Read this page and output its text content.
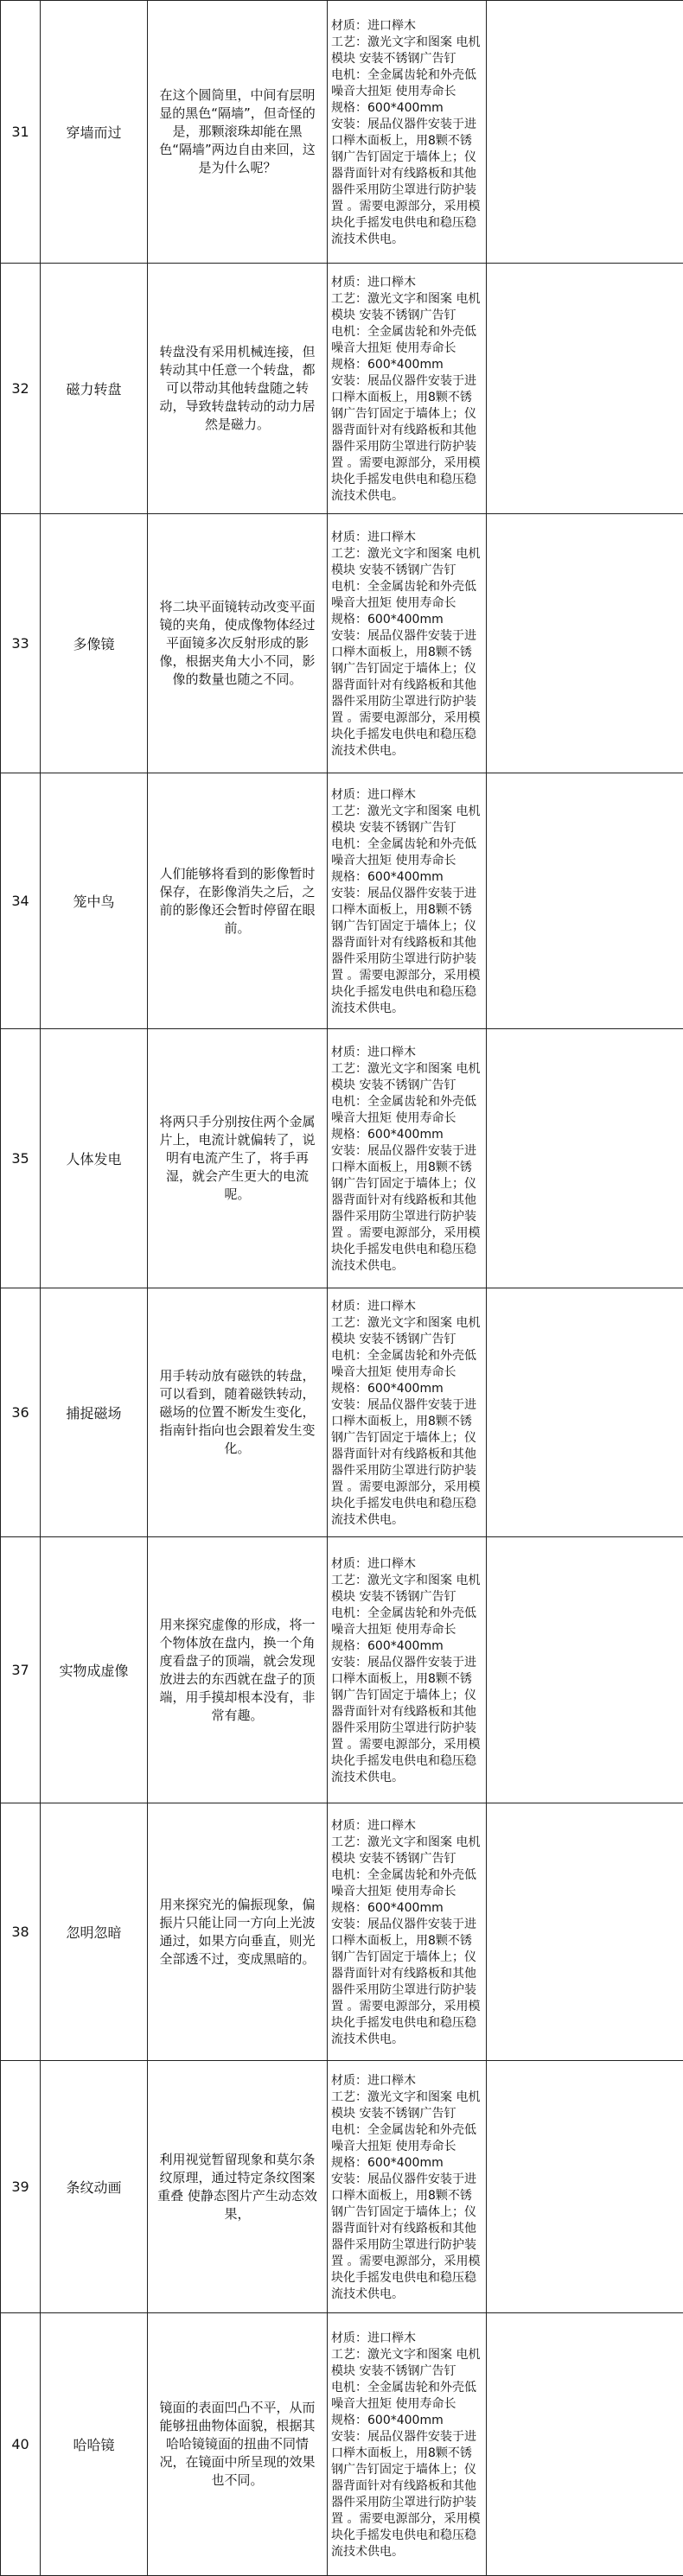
31	穿墙而过	在这个圆筒里，中间有层明显的黑色“隔墙”，但奇怪的是，那颗滚珠却能在黑色“隔墙”两边自由来回，这是为什么呢？	材质：进口榉木
工艺：激光文字和图案 电机模块 安装不锈钢广告钉
电机：全金属齿轮和外壳低噪音大扭矩 使用寿命长
规格：600*400mm
安装：展品仪器件安装于进口榉木面板上，用8颗不锈钢广告钉固定于墙体上；仪器背面针对有线路板和其他器件采用防尘罩进行防护装置 。需要电源部分，采用模块化手摇发电供电和稳压稳流技术供电。

32	磁力转盘	转盘没有采用机械连接，但转动其中任意一个转盘，都可以带动其他转盘随之转动，导致转盘转动的动力居然是磁力。	材质：进口榉木
工艺：激光文字和图案 电机模块 安装不锈钢广告钉
电机：全金属齿轮和外壳低噪音大扭矩 使用寿命长
规格：600*400mm
安装：展品仪器件安装于进口榉木面板上，用8颗不锈钢广告钉固定于墙体上；仪器背面针对有线路板和其他器件采用防尘罩进行防护装置 。需要电源部分，采用模块化手摇发电供电和稳压稳流技术供电。

33	多像镜	将二块平面镜转动改变平面镜的夹角，使成像物体经过平面镜多次反射形成的影像，根据夹角大小不同，影像的数量也随之不同。	材质：进口榉木
工艺：激光文字和图案 电机模块 安装不锈钢广告钉
电机：全金属齿轮和外壳低噪音大扭矩 使用寿命长
规格：600*400mm
安装：展品仪器件安装于进口榉木面板上，用8颗不锈钢广告钉固定于墙体上；仪器背面针对有线路板和其他器件采用防尘罩进行防护装置 。需要电源部分，采用模块化手摇发电供电和稳压稳流技术供电。

34	笼中鸟	人们能够将看到的影像暂时保存，在影像消失之后，之前的影像还会暂时停留在眼前。	材质：进口榉木
工艺：激光文字和图案 电机模块 安装不锈钢广告钉
电机：全金属齿轮和外壳低噪音大扭矩 使用寿命长
规格：600*400mm
安装：展品仪器件安装于进口榉木面板上，用8颗不锈钢广告钉固定于墙体上；仪器背面针对有线路板和其他器件采用防尘罩进行防护装置 。需要电源部分，采用模块化手摇发电供电和稳压稳流技术供电。

35	人体发电	将两只手分别按住两个金属片上，电流计就偏转了，说明有电流产生了，将手再湿，就会产生更大的电流呢。	材质：进口榉木
工艺：激光文字和图案 电机模块 安装不锈钢广告钉
电机：全金属齿轮和外壳低噪音大扭矩 使用寿命长
规格：600*400mm
安装：展品仪器件安装于进口榉木面板上，用8颗不锈钢广告钉固定于墙体上；仪器背面针对有线路板和其他器件采用防尘罩进行防护装置 。需要电源部分，采用模块化手摇发电供电和稳压稳流技术供电。

36	捕捉磁场	用手转动放有磁铁的转盘，可以看到，随着磁铁转动，磁场的位置不断发生变化，指南针指向也会跟着发生变化。	材质：进口榉木
工艺：激光文字和图案 电机模块 安装不锈钢广告钉
电机：全金属齿轮和外壳低噪音大扭矩 使用寿命长
规格：600*400mm
安装：展品仪器件安装于进口榉木面板上，用8颗不锈钢广告钉固定于墙体上；仪器背面针对有线路板和其他器件采用防尘罩进行防护装置 。需要电源部分，采用模块化手摇发电供电和稳压稳流技术供电。

37	实物成虚像	用来探究虚像的形成，将一个物体放在盘内，换一个角度看盘子的顶端，就会发现放进去的东西就在盘子的顶端，用手摸却根本没有，非常有趣。	材质：进口榉木
工艺：激光文字和图案 电机模块 安装不锈钢广告钉
电机：全金属齿轮和外壳低噪音大扭矩 使用寿命长
规格：600*400mm
安装：展品仪器件安装于进口榉木面板上，用8颗不锈钢广告钉固定于墙体上；仪器背面针对有线路板和其他器件采用防尘罩进行防护装置 。需要电源部分，采用模块化手摇发电供电和稳压稳流技术供电。

38	忽明忽暗	用来探究光的偏振现象，偏振片只能让同一方向上光波通过，如果方向垂直，则光全部透不过，变成黑暗的。	材质：进口榉木
工艺：激光文字和图案 电机模块 安装不锈钢广告钉
电机：全金属齿轮和外壳低噪音大扭矩 使用寿命长
规格：600*400mm
安装：展品仪器件安装于进口榉木面板上，用8颗不锈钢广告钉固定于墙体上；仪器背面针对有线路板和其他器件采用防尘罩进行防护装置 。需要电源部分，采用模块化手摇发电供电和稳压稳流技术供电。

39	条纹动画	利用视觉暂留现象和莫尔条纹原理，通过特定条纹图案重叠 使静态图片产生动态效果，	材质：进口榉木
工艺：激光文字和图案 电机模块 安装不锈钢广告钉
电机：全金属齿轮和外壳低噪音大扭矩 使用寿命长
规格：600*400mm
安装：展品仪器件安装于进口榉木面板上，用8颗不锈钢广告钉固定于墙体上；仪器背面针对有线路板和其他器件采用防尘罩进行防护装置 。需要电源部分，采用模块化手摇发电供电和稳压稳流技术供电。

40	哈哈镜	镜面的表面凹凸不平，从而能够扭曲物体面貌，根据其哈哈镜镜面的扭曲不同情况，在镜面中所呈现的效果也不同。	材质：进口榉木
工艺：激光文字和图案 电机模块 安装不锈钢广告钉
电机：全金属齿轮和外壳低噪音大扭矩 使用寿命长
规格：600*400mm
安装：展品仪器件安装于进口榉木面板上，用8颗不锈钢广告钉固定于墙体上；仪器背面针对有线路板和其他器件采用防尘罩进行防护装置 。需要电源部分，采用模块化手摇发电供电和稳压稳流技术供电。
